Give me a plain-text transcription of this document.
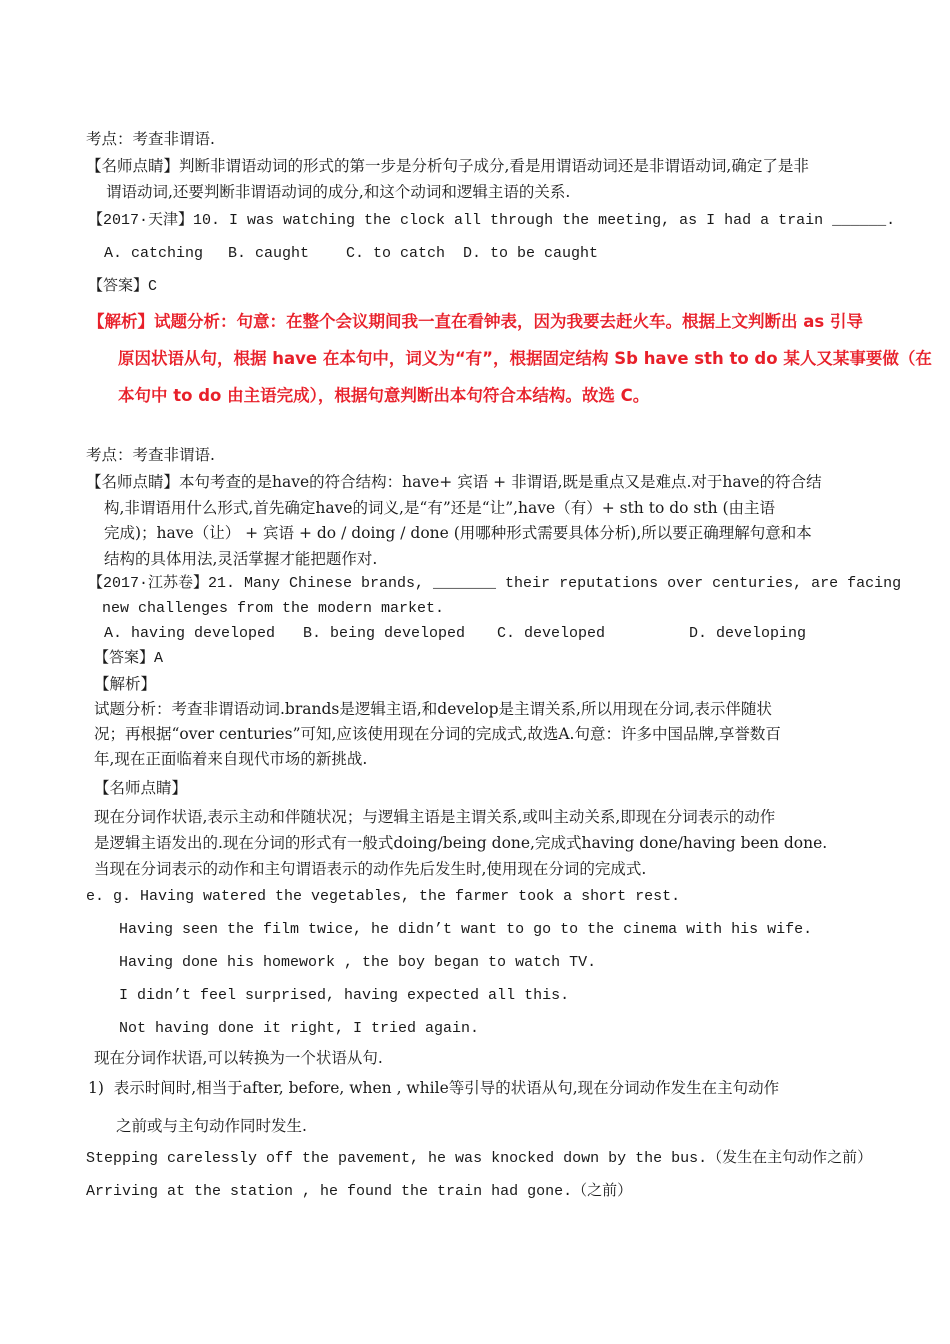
考点：考查非谓语.
【名师点睛】判断非谓语动词的形式的第一步是分析句子成分,看是用谓语动词还是非谓语动词,确定了是非
谓语动词,还要判断非谓语动词的成分,和这个动词和逻辑主语的关系.
【2017·天津】10. I was watching the clock all through the meeting, as I had a train ______.
A. catching B. caught C. to catch D. to be caught
【答案】C
【解析】试题分析：句意：在整个会议期间我一直在看钟表，因为我要去赶火车。根据上文判断出 as 引导
原因状语从句，根据 have 在本句中，词义为“有”，根据固定结构 Sb have sth to do 某人又某事要做（在
本句中 to do 由主语完成），根据句意判断出本句符合本结构。故选 C。
考点：考查非谓语.
【名师点睛】本句考查的是have的符合结构：have+ 宾语 + 非谓语,既是重点又是难点.对于have的符合结
构,非谓语用什么形式,首先确定have的词义,是“有”还是“让”,have（有）+ sth to do sth (由主语
完成)；have（让） + 宾语 + do / doing / done (用哪种形式需要具体分析),所以要正确理解句意和本
结构的具体用法,灵活掌握才能把题作对.
【2017·江苏卷】21. Many Chinese brands, _______ their reputations over centuries, are facing
new challenges from the modern market.
A. having developed B. being developed C. developed	D. developing
【答案】A
【解析】
试题分析：考查非谓语动词.brands是逻辑主语,和develop是主谓关系,所以用现在分词,表示伴随状
况；再根据“over centuries”可知,应该使用现在分词的完成式,故选A.句意：许多中国品牌,享誉数百
年,现在正面临着来自现代市场的新挑战.
【名师点睛】
现在分词作状语,表示主动和伴随状况；与逻辑主语是主谓关系,或叫主动关系,即现在分词表示的动作
是逻辑主语发出的.现在分词的形式有一般式doing/being done,完成式having done/having been done.
当现在分词表示的动作和主句谓语表示的动作先后发生时,使用现在分词的完成式.
e. g. Having watered the vegetables, the farmer took a short rest.
Having seen the film twice, he didn’t want to go to the cinema with his wife.
Having done his homework , the boy began to watch TV.
I didn’t feel surprised, having expected all this.
Not having done it right, I tried again.
现在分词作状语,可以转换为一个状语从句.
1)  表示时间时,相当于after, before, when , while等引导的状语从句,现在分词动作发生在主句动作
之前或与主句动作同时发生.
Stepping carelessly off the pavement, he was knocked down by the bus.（发生在主句动作之前）
Arriving at the station , he found the train had gone.（之前）
